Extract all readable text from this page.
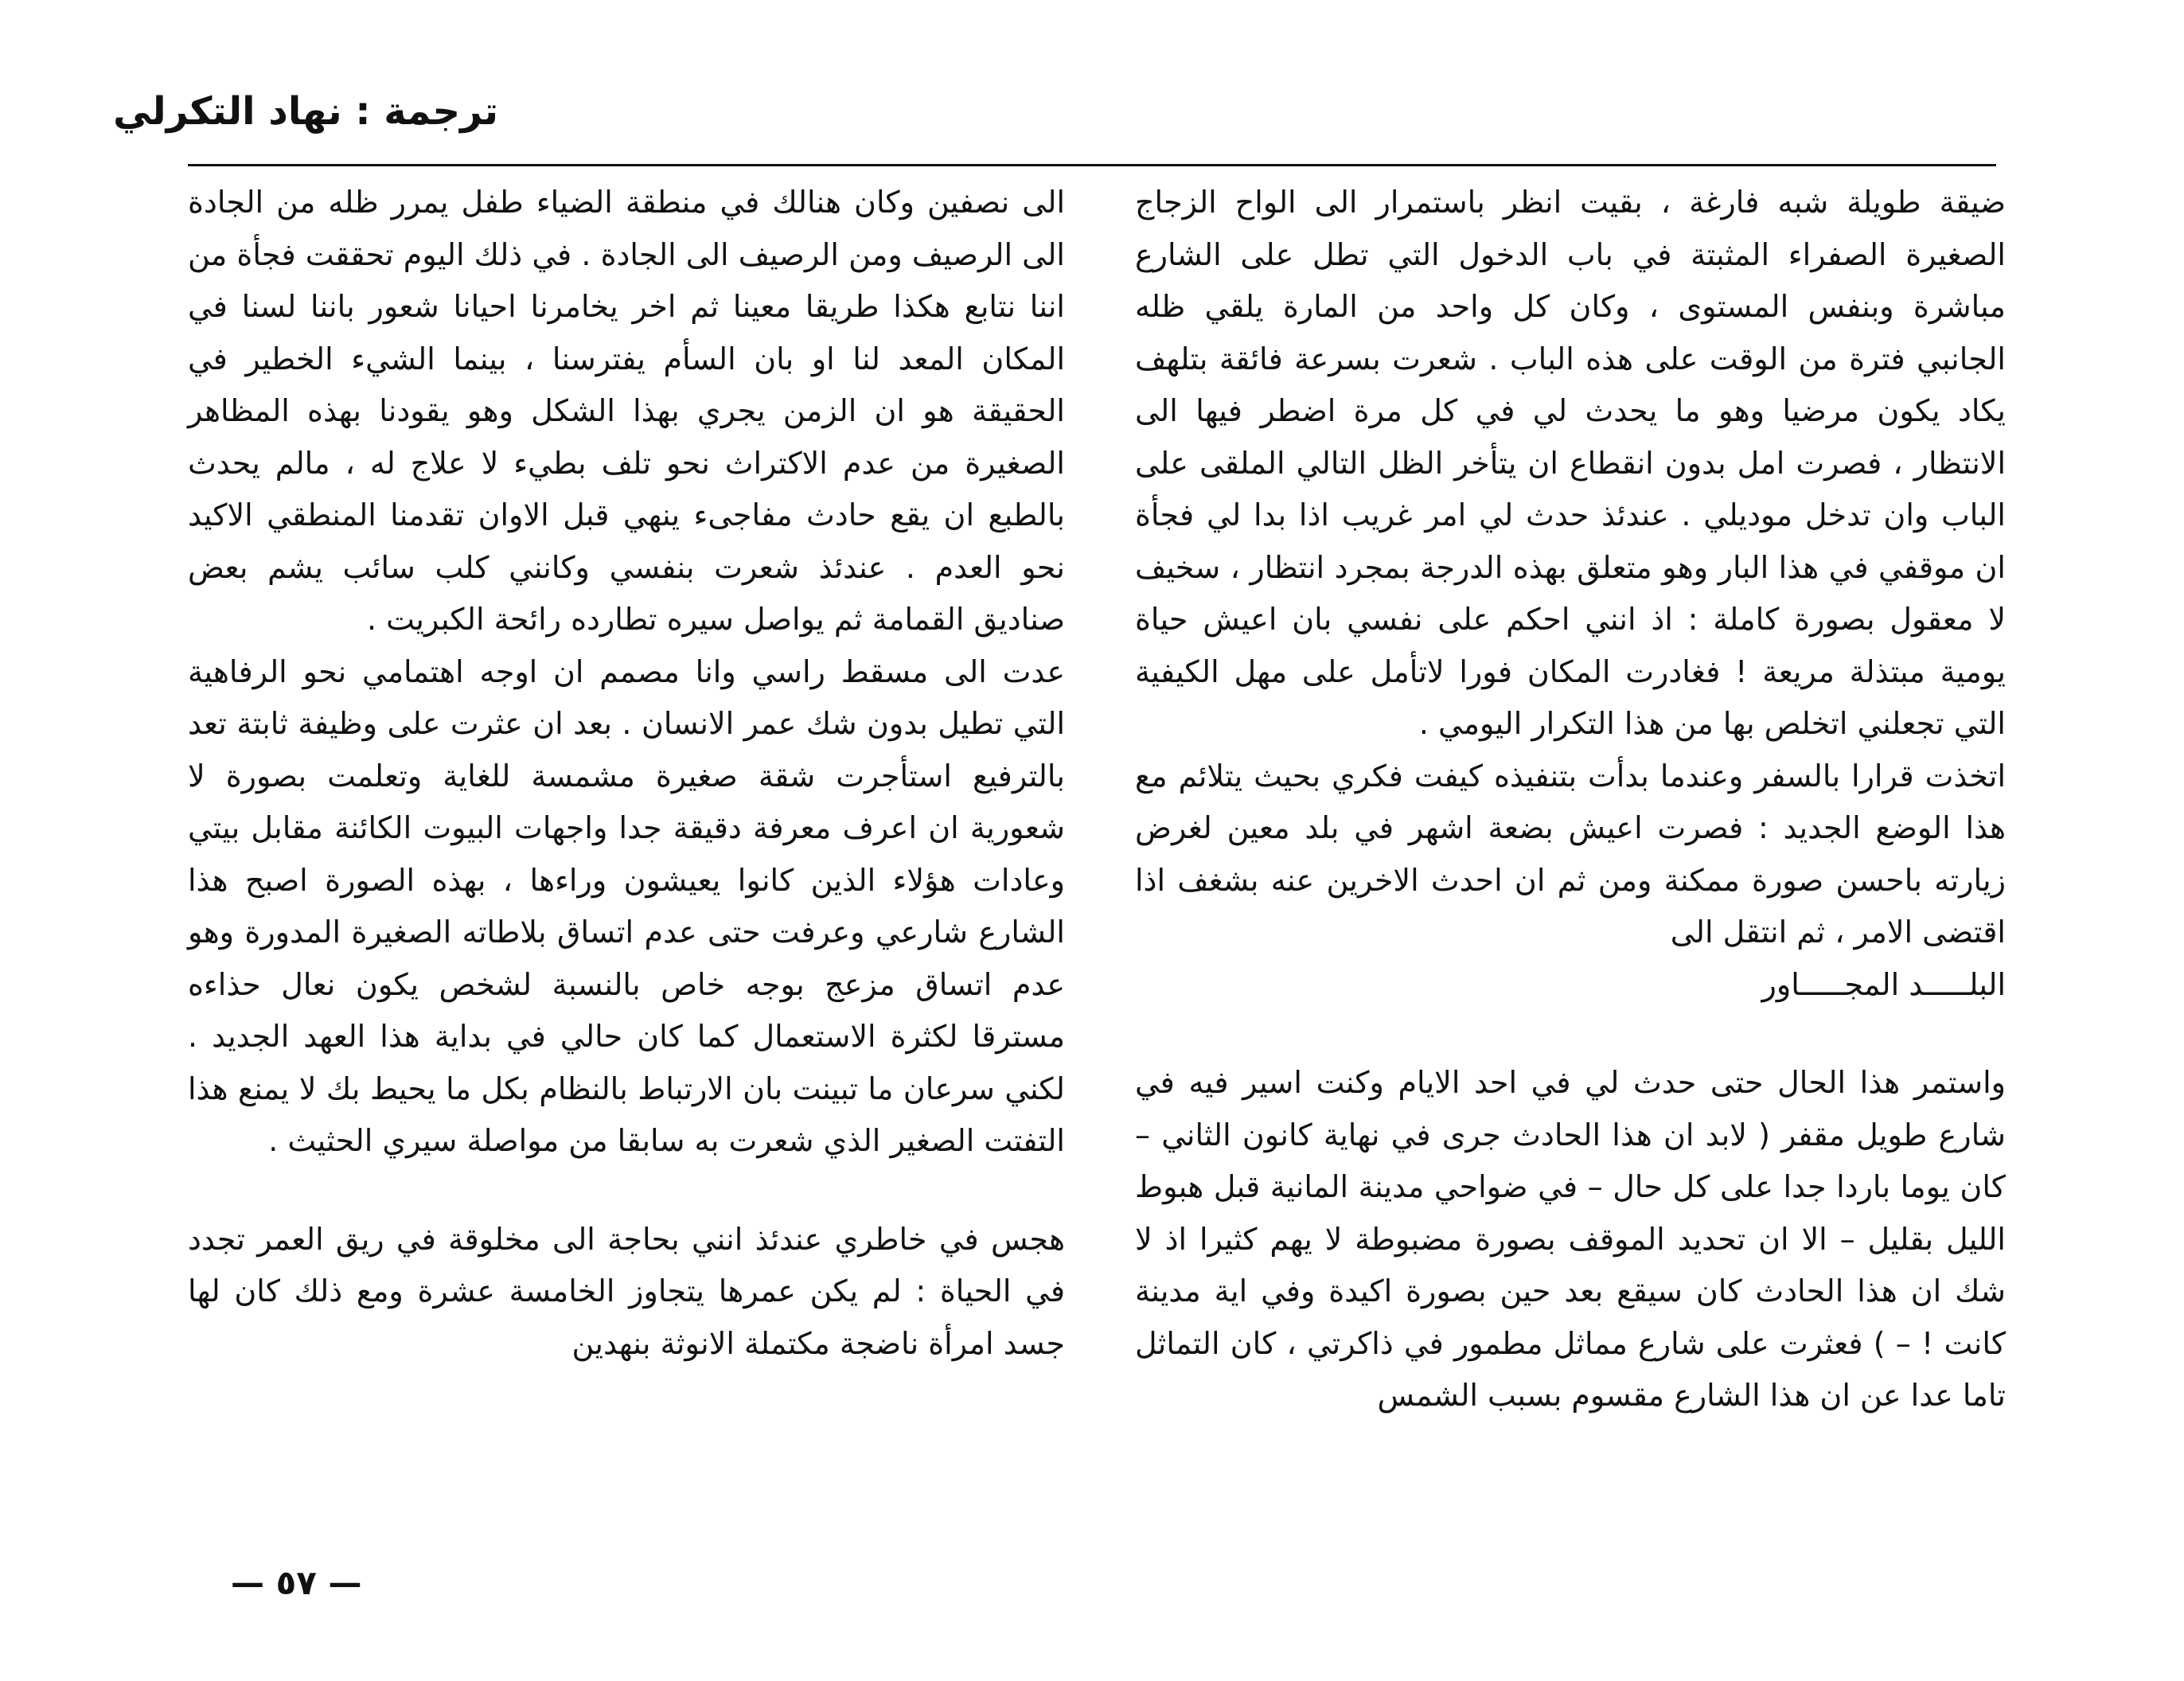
ترجمة : نهاد التكرلي

ضيقة طويلة شبه فارغة ، بقيت انظر باستمرار الى الواح الزجاج الصغيرة الصفراء المثبتة في باب الدخول التي تطل على الشارع مباشرة وبنفس المستوى ، وكان كل واحد من المارة يلقي ظله الجانبي فترة من الوقت على هذه الباب . شعرت بسرعة فائقة بتلهف يكاد يكون مرضيا وهو ما يحدث لي في كل مرة اضطر فيها الى الانتظار ، فصرت امل بدون انقطاع ان يتأخر الظل التالي الملقى على الباب وان تدخل موديلي . عندئذ حدث لي امر غريب اذا بدا لي فجأة ان موقفي في هذا البار وهو متعلق بهذه الدرجة بمجرد انتظار ، سخيف لا معقول بصورة كاملة : اذ انني احكم على نفسي بان اعيش حياة يومية مبتذلة مريعة ! فغادرت المكان فورا لاتأمل على مهل الكيفية التي تجعلني اتخلص بها من هذا التكرار اليومي .

اتخذت قرارا بالسفر وعندما بدأت بتنفيذه كيفت فكري بحيث يتلائم مع هذا الوضع الجديد : فصرت اعيش بضعة اشهر في بلد معين لغرض زيارته باحسن صورة ممكنة ومن ثم ان احدث الاخرين عنه بشغف اذا اقتضى الامر ، ثم انتقل الى

البلـــــد المجـــــاور

واستمر هذا الحال حتى حدث لي في احد الايام وكنت اسير فيه في شارع طويل مقفر ( لابد ان هذا الحادث جرى في نهاية كانون الثاني – كان يوما باردا جدا على كل حال – في ضواحي مدينة المانية قبل هبوط الليل بقليل – الا ان تحديد الموقف بصورة مضبوطة لا يهم كثيرا اذ لا شك ان هذا الحادث كان سيقع بعد حين بصورة اكيدة وفي اية مدينة كانت ! – ) فعثرت على شارع مماثل مطمور في ذاكرتي ، كان التماثل تاما عدا عن ان هذا الشارع مقسوم بسبب الشمس

الى نصفين وكان هنالك في منطقة الضياء طفل يمرر ظله من الجادة الى الرصيف ومن الرصيف الى الجادة . في ذلك اليوم تحققت فجأة من اننا نتابع هكذا طريقا معينا ثم اخر يخامرنا احيانا شعور باننا لسنا في المكان المعد لنا او بان السأم يفترسنا ، بينما الشيء الخطير في الحقيقة هو ان الزمن يجري بهذا الشكل وهو يقودنا بهذه المظاهر الصغيرة من عدم الاكتراث نحو تلف بطيء لا علاج له ، مالم يحدث بالطبع ان يقع حادث مفاجىء ينهي قبل الاوان تقدمنا المنطقي الاكيد نحو العدم . عندئذ شعرت بنفسي وكانني كلب سائب يشم بعض صناديق القمامة ثم يواصل سيره تطارده رائحة الكبريت .

عدت الى مسقط راسي وانا مصمم ان اوجه اهتمامي نحو الرفاهية التي تطيل بدون شك عمر الانسان . بعد ان عثرت على وظيفة ثابتة تعد بالترفيع استأجرت شقة صغيرة مشمسة للغاية وتعلمت بصورة لا شعورية ان اعرف معرفة دقيقة جدا واجهات البيوت الكائنة مقابل بيتي وعادات هؤلاء الذين كانوا يعيشون وراءها ، بهذه الصورة اصبح هذا الشارع شارعي وعرفت حتى عدم اتساق بلاطاته الصغيرة المدورة وهو عدم اتساق مزعج بوجه خاص بالنسبة لشخص يكون نعال حذاءه مسترقا لكثرة الاستعمال كما كان حالي في بداية هذا العهد الجديد . لكني سرعان ما تبينت بان الارتباط بالنظام بكل ما يحيط بك لا يمنع هذا التفتت الصغير الذي شعرت به سابقا من مواصلة سيري الحثيث .

هجس في خاطري عندئذ انني بحاجة الى مخلوقة في ريق العمر تجدد في الحياة : لم يكن عمرها يتجاوز الخامسة عشرة ومع ذلك كان لها جسد امرأة ناضجة مكتملة الانوثة بنهدين

— ٥٧ —
